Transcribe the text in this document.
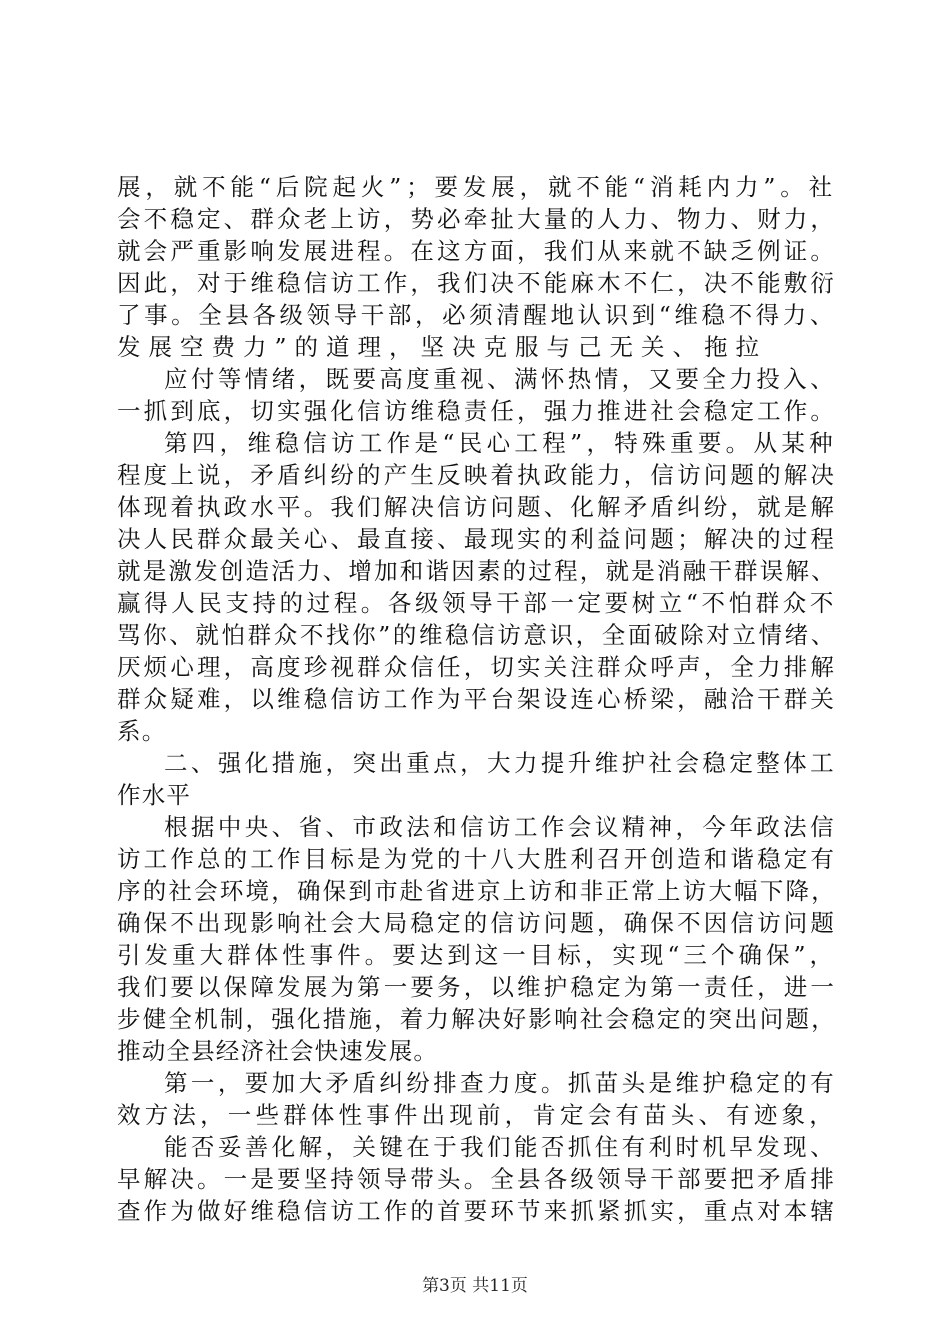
展，就不能“后院起火”；要发展，就不能“消耗内力”。社
会不稳定、群众老上访，势必牵扯大量的人力、物力、财力，
就会严重影响发展进程。在这方面，我们从来就不缺乏例证。
因此，对于维稳信访工作，我们决不能麻木不仁，决不能敷衍
了事。全县各级领导干部，必须清醒地认识到“维稳不得力、
发展空费力”的道理，坚决克服与己无关、拖拉
应付等情绪，既要高度重视、满怀热情，又要全力投入、
一抓到底，切实强化信访维稳责任，强力推进社会稳定工作。
第四，维稳信访工作是“民心工程”，特殊重要。从某种
程度上说，矛盾纠纷的产生反映着执政能力，信访问题的解决
体现着执政水平。我们解决信访问题、化解矛盾纠纷，就是解
决人民群众最关心、最直接、最现实的利益问题；解决的过程
就是激发创造活力、增加和谐因素的过程，就是消融干群误解、
赢得人民支持的过程。各级领导干部一定要树立“不怕群众不
骂你、就怕群众不找你”的维稳信访意识，全面破除对立情绪、
厌烦心理，高度珍视群众信任，切实关注群众呼声，全力排解
群众疑难，以维稳信访工作为平台架设连心桥梁，融洽干群关
系。
二、强化措施，突出重点，大力提升维护社会稳定整体工
作水平
根据中央、省、市政法和信访工作会议精神，今年政法信
访工作总的工作目标是为党的十八大胜利召开创造和谐稳定有
序的社会环境，确保到市赴省进京上访和非正常上访大幅下降，
确保不出现影响社会大局稳定的信访问题，确保不因信访问题
引发重大群体性事件。要达到这一目标，实现“三个确保”，
我们要以保障发展为第一要务，以维护稳定为第一责任，进一
步健全机制，强化措施，着力解决好影响社会稳定的突出问题，
推动全县经济社会快速发展。
第一，要加大矛盾纠纷排查力度。抓苗头是维护稳定的有
效方法，一些群体性事件出现前，肯定会有苗头、有迹象，
能否妥善化解，关键在于我们能否抓住有利时机早发现、
早解决。一是要坚持领导带头。全县各级领导干部要把矛盾排
查作为做好维稳信访工作的首要环节来抓紧抓实，重点对本辖
第3页 共11页
